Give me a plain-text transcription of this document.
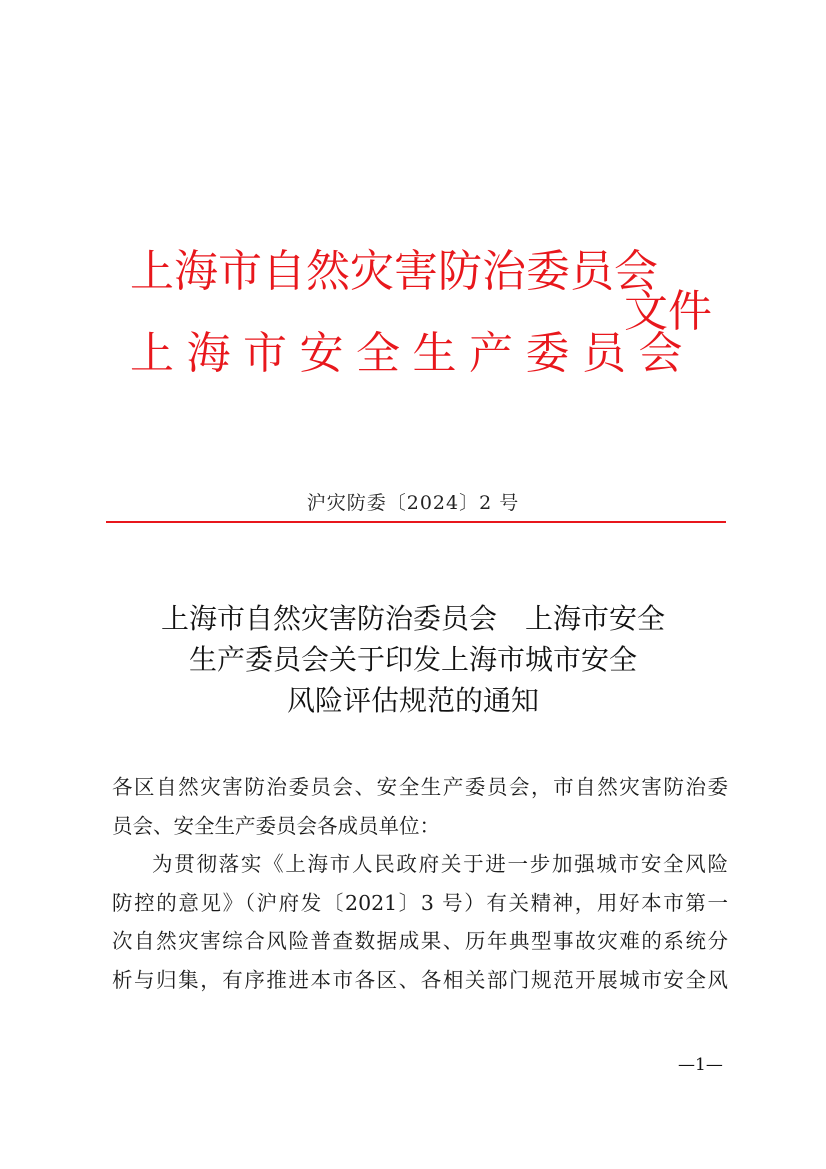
上海市自然灾害防治委员会
上海市安全生产委员会
文件
沪灾防委〔2024〕2 号
上海市自然灾害防治委员会　上海市安全
生产委员会关于印发上海市城市安全
风险评估规范的通知
各区自然灾害防治委员会、安全生产委员会，市自然灾害防治委
员会、安全生产委员会各成员单位：
为贯彻落实《上海市人民政府关于进一步加强城市安全风险
防控的意见》（沪府发〔2021〕3 号）有关精神，用好本市第一
次自然灾害综合风险普查数据成果、历年典型事故灾难的系统分
析与归集，有序推进本市各区、各相关部门规范开展城市安全风
—1—
